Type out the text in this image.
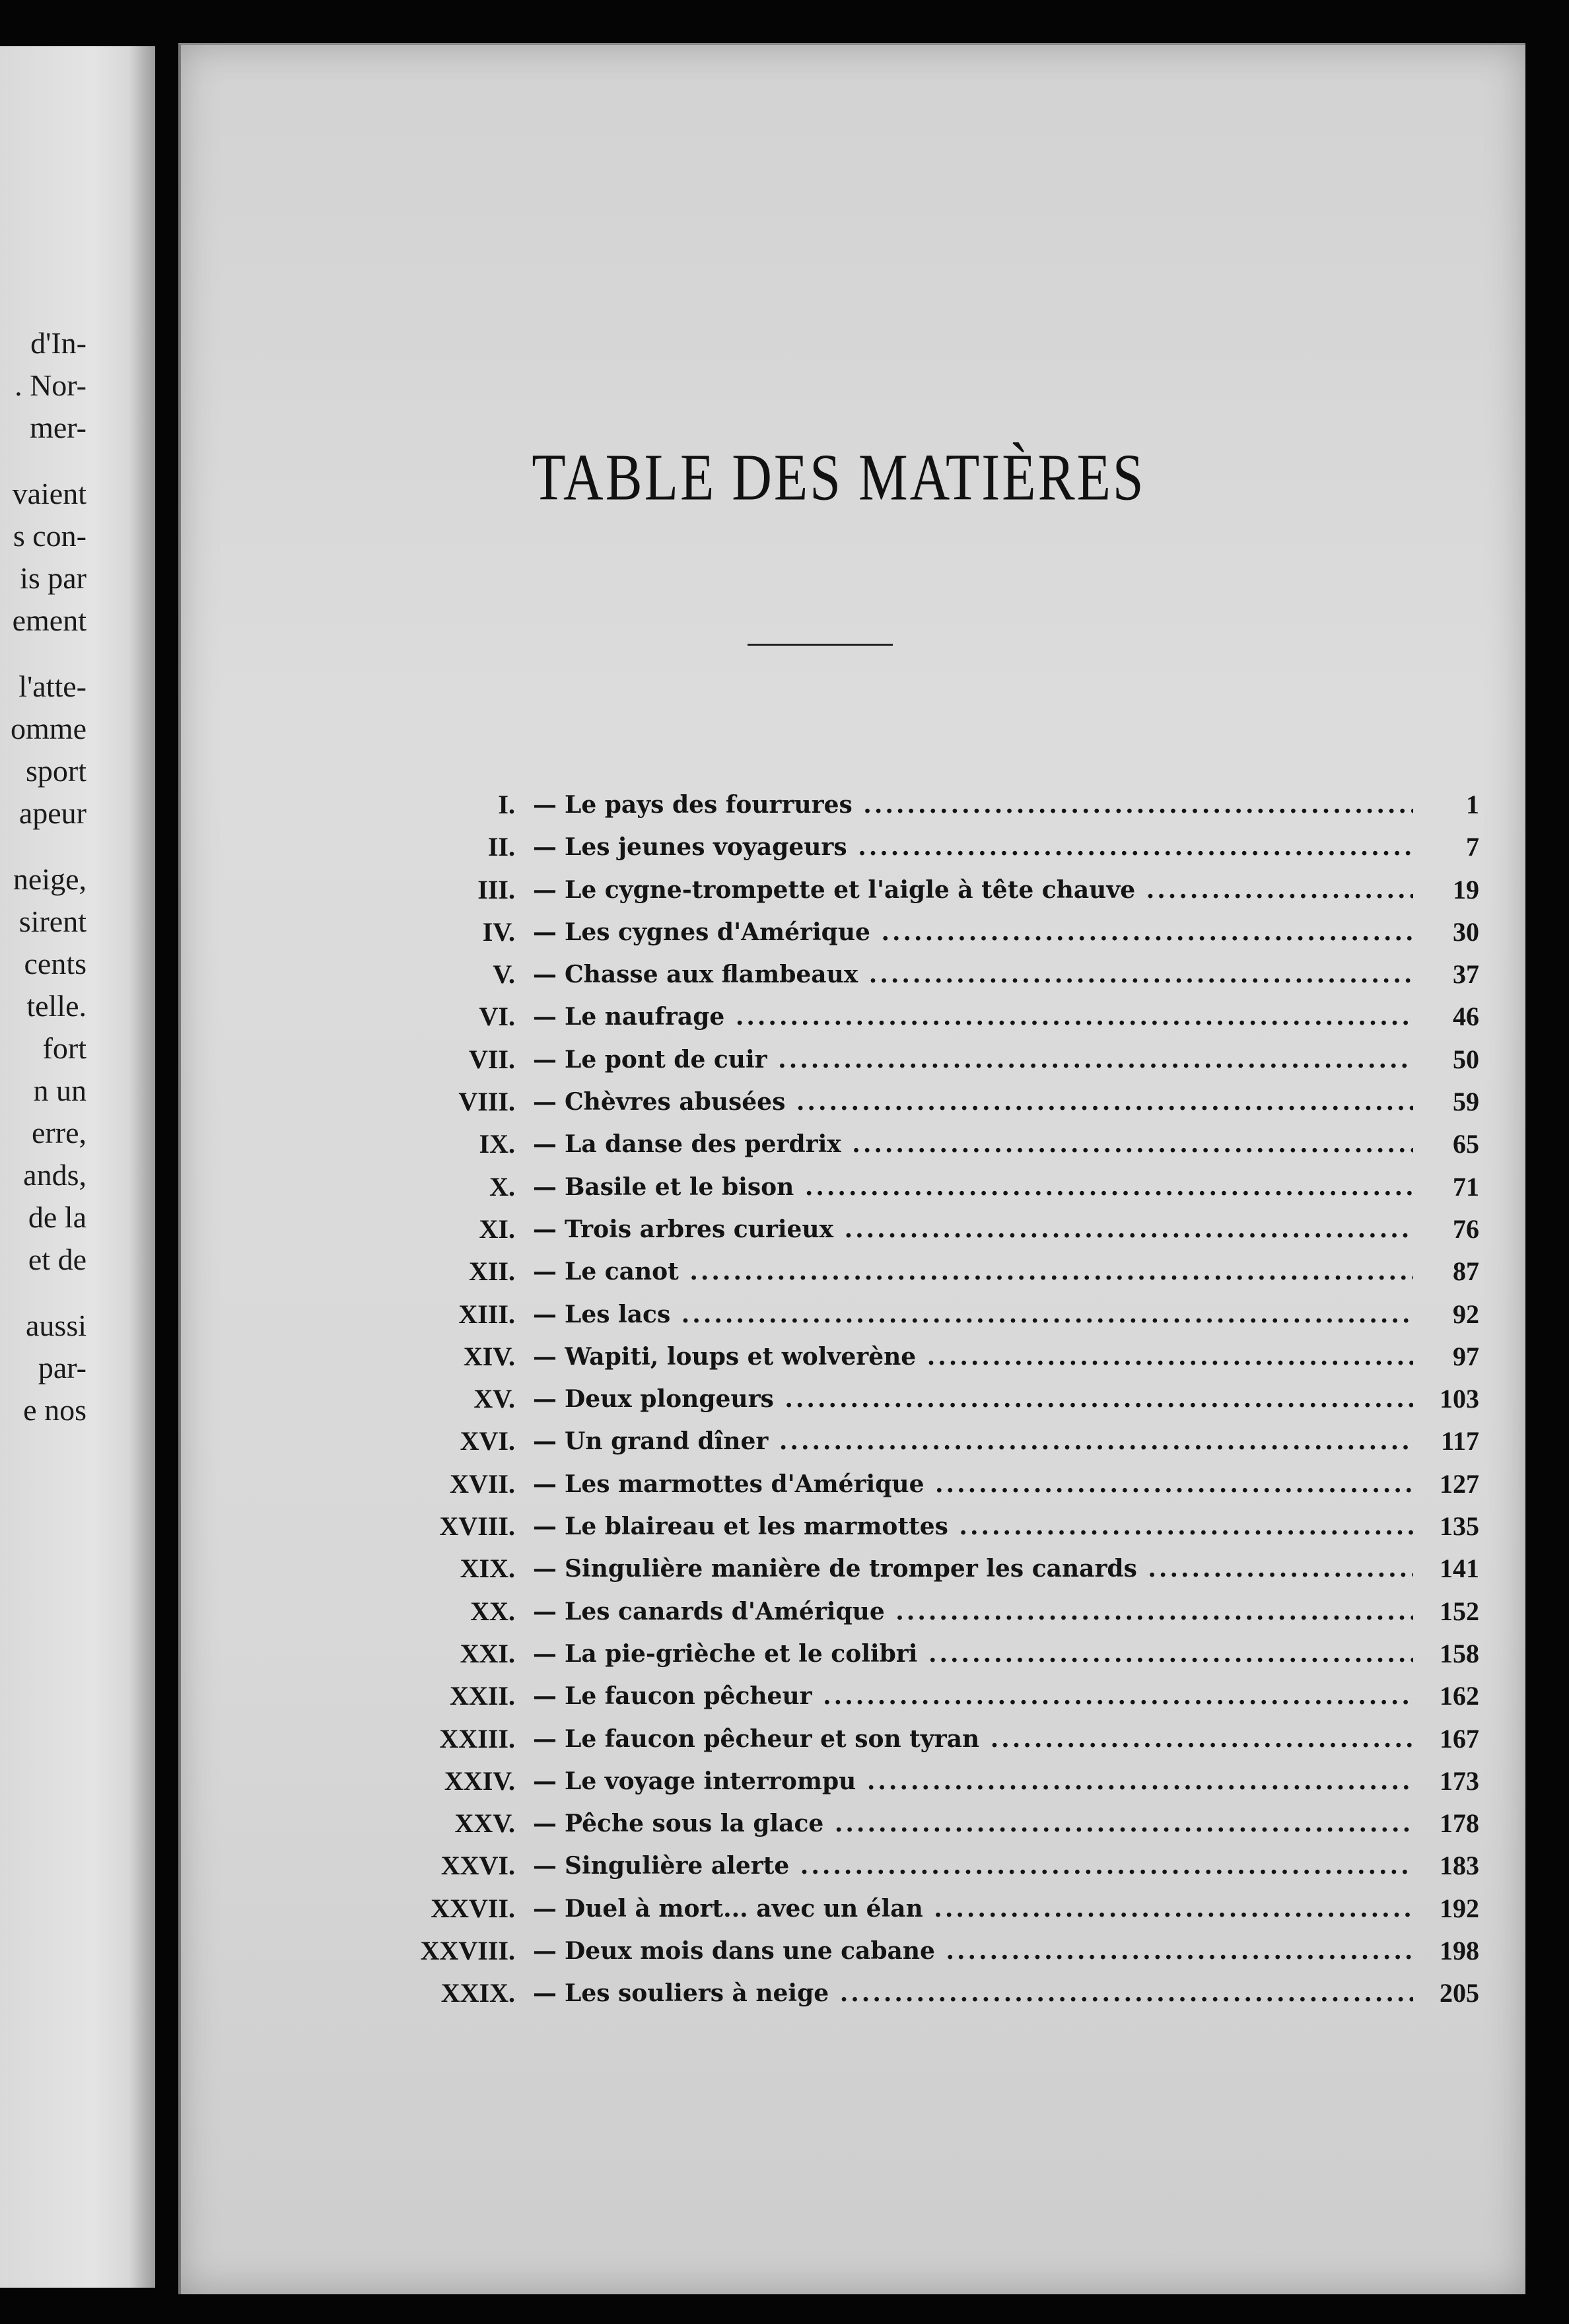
d'In-
. Nor-
mer-
vaient
s con-
is par
ement
l'atte-
omme
sport
apeur
neige,
sirent
cents
telle.
fort
n un
erre,
ands,
de la
et de
aussi
par-
e nos
TABLE DES MATIÈRES
I. — Le pays des fourrures .....	1
II. — Les jeunes voyageurs .....	7
III. — Le cygne-trompette et l'aigle à tête chauve .....	19
IV. — Les cygnes d'Amérique .....	30
V. — Chasse aux flambeaux .....	37
VI. — Le naufrage .....	46
VII. — Le pont de cuir .....	50
VIII. — Chèvres abusées .....	59
IX. — La danse des perdrix .....	65
X. — Basile et le bison .....	71
XI. — Trois arbres curieux .....	76
XII. — Le canot .....	87
XIII. — Les lacs .....	92
XIV. — Wapiti, loups et wolverène .....	97
XV. — Deux plongeurs .....	103
XVI. — Un grand dîner .....	117
XVII. — Les marmottes d'Amérique .....	127
XVIII. — Le blaireau et les marmottes .....	135
XIX. — Singulière manière de tromper les canards .....	141
XX. — Les canards d'Amérique .....	152
XXI. — La pie-grièche et le colibri .....	158
XXII. — Le faucon pêcheur .....	162
XXIII. — Le faucon pêcheur et son tyran .....	167
XXIV. — Le voyage interrompu .....	173
XXV. — Pêche sous la glace .....	178
XXVI. — Singulière alerte .....	183
XXVII. — Duel à mort... avec un élan .....	192
XXVIII. — Deux mois dans une cabane .....	198
XXIX. — Les souliers à neige .....	205
